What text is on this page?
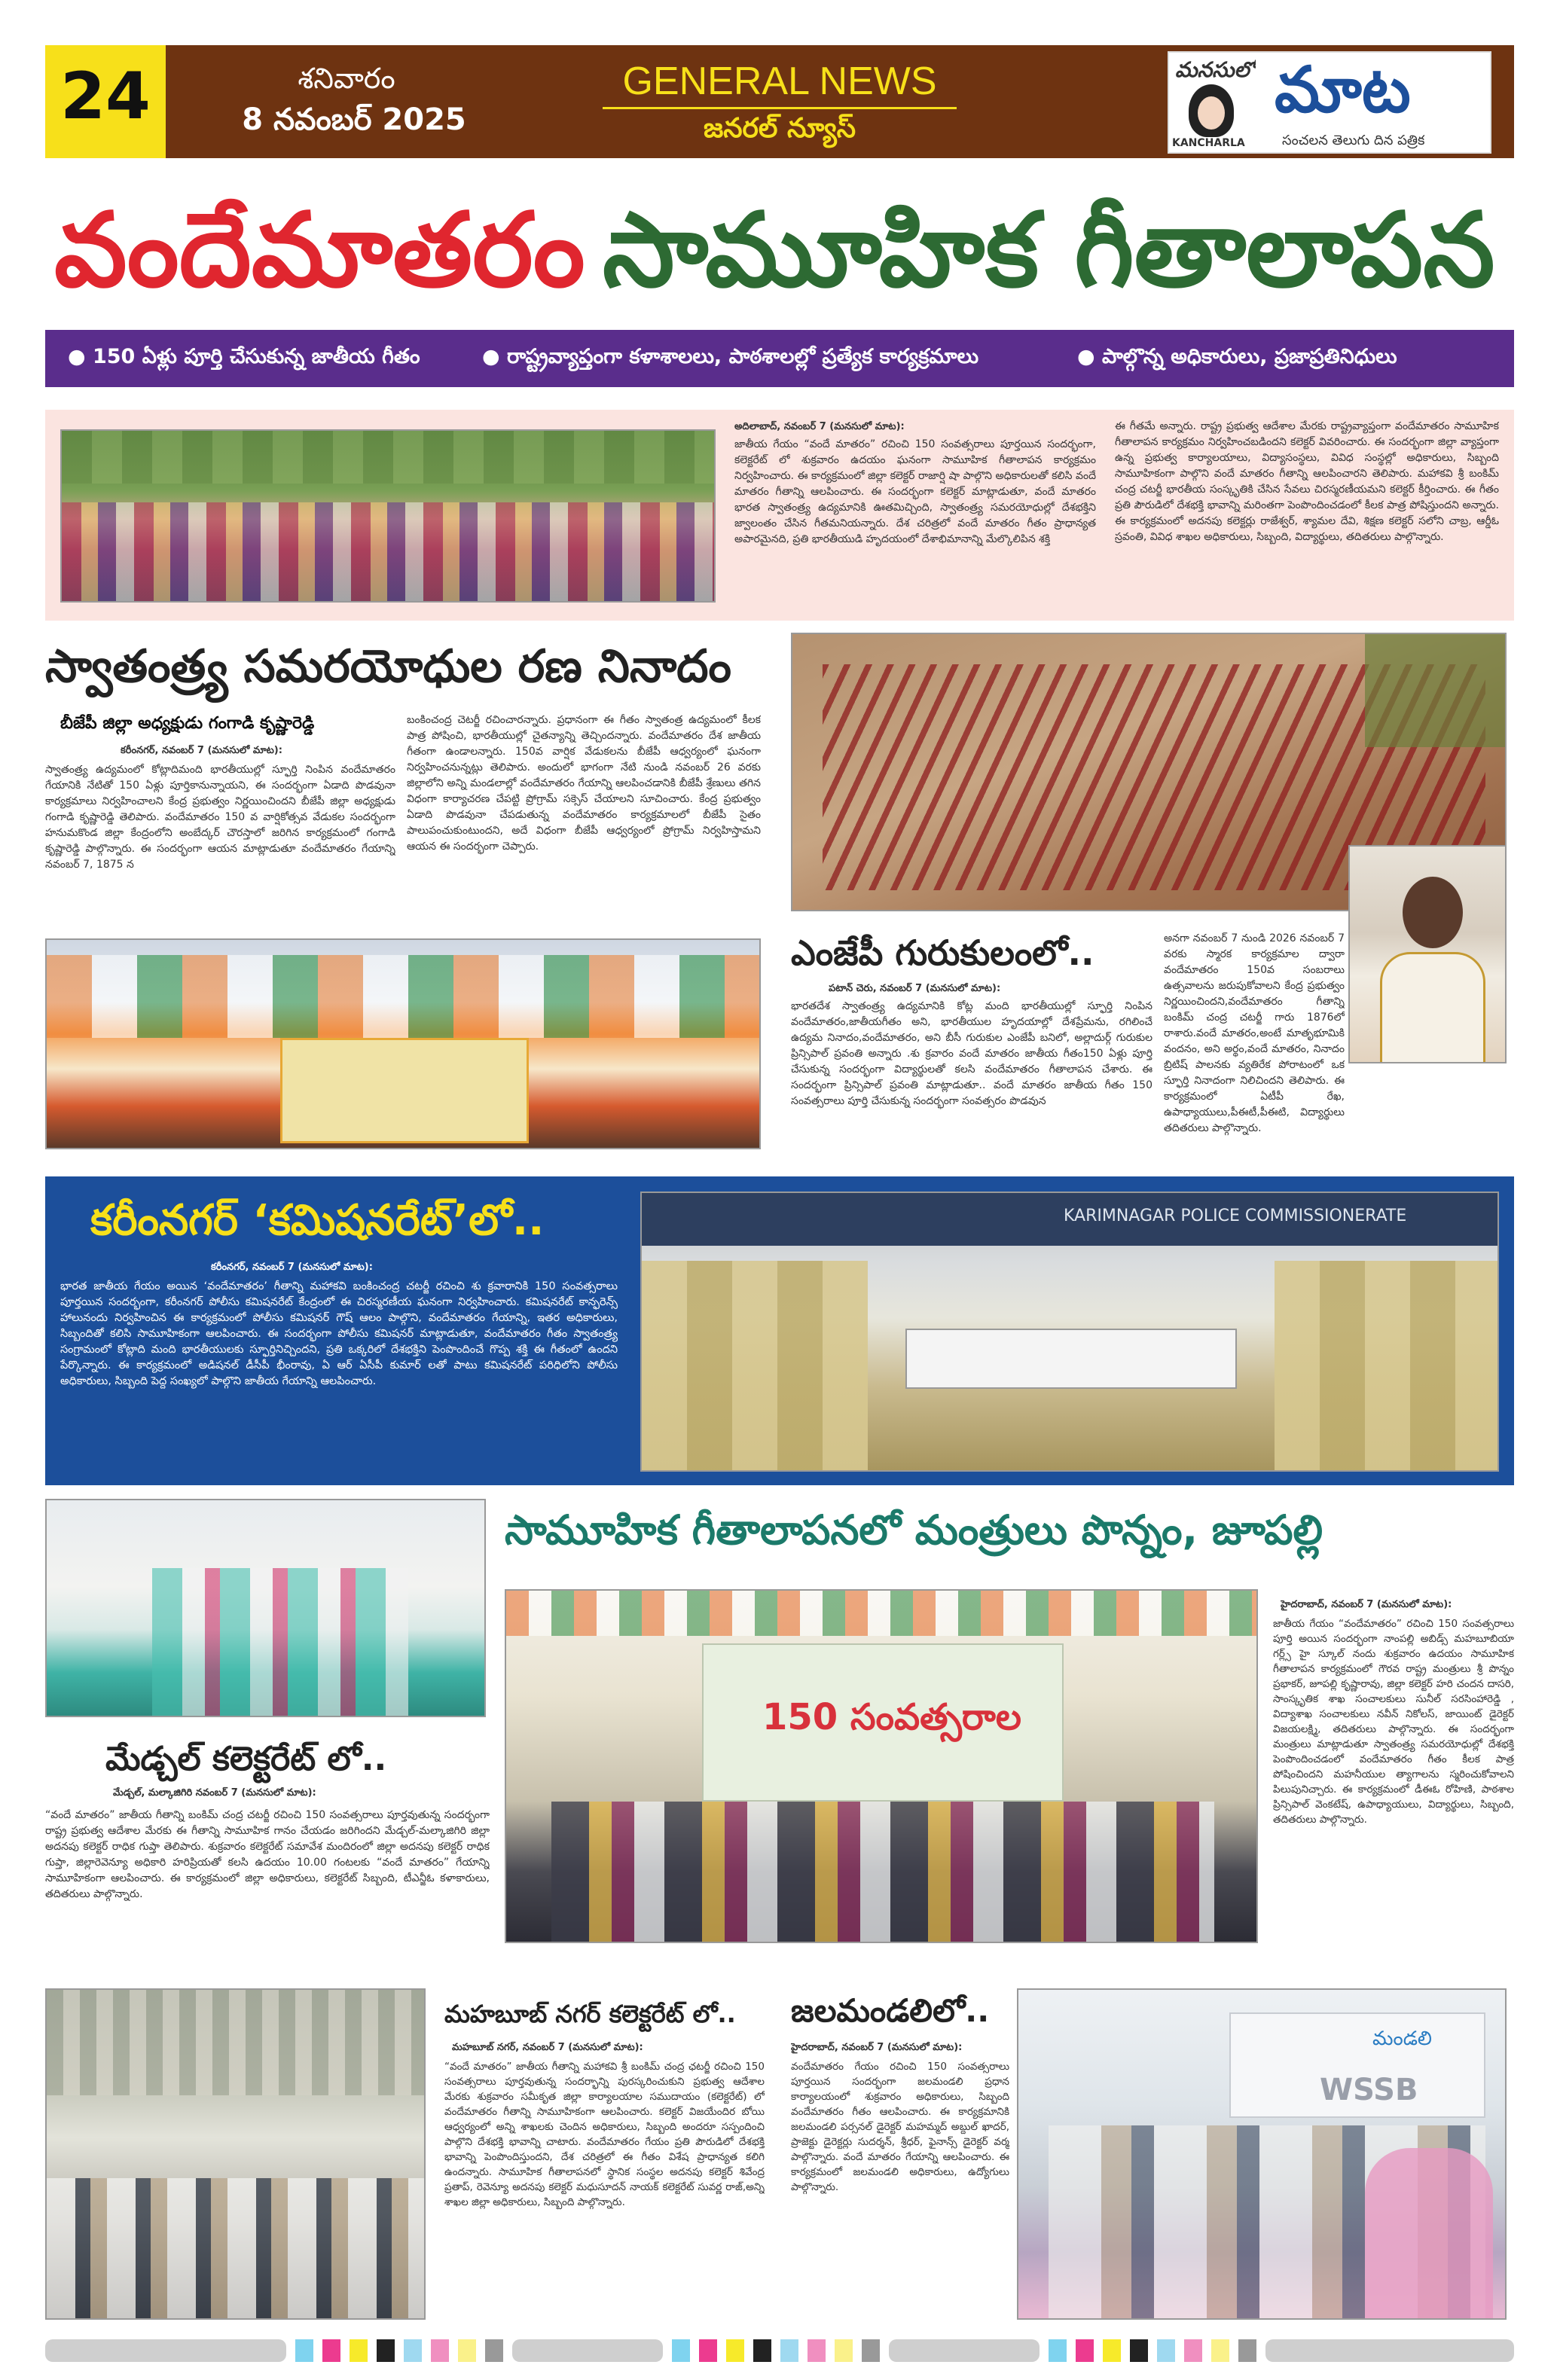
24	శనివారం
8 నవంబర్ 2025
GENERAL NEWS
జనరల్ న్యూస్
మనసులో
KANCHARLA
మాట
సంచలన తెలుగు దిన పత్రిక
వందేమాతరం సామూహిక గీతాలాపన
● 150 ఏళ్లు పూర్తి చేసుకున్న జాతీయ గీతం	● రాష్ట్రవ్యాప్తంగా కళాశాలలు, పాఠశాలల్లో ప్రత్యేక కార్యక్రమాలు	● పాల్గొన్న అధికారులు, ప్రజాప్రతినిధులు
అదిలాబాద్, నవంబర్ 7 (మనసులో మాట):
జాతీయ గేయం “వందే మాతరం” రచించి 150 సంవత్సరాలు పూర్తయిన సందర్భంగా, కలెక్టరేట్ లో శుక్రవారం ఉదయం ఘనంగా సామూహిక గీతాలాపన కార్యక్రమం నిర్వహించారు. ఈ కార్యక్రమంలో జిల్లా కలెక్టర్ రాజార్షి షా పాల్గొని అధికారులతో కలిసి వందే మాతరం గీతాన్ని ఆలపించారు. ఈ సందర్భంగా కలెక్టర్ మాట్లాడుతూ, వందే మాతరం భారత స్వాతంత్ర్య ఉద్యమానికి ఊతమిచ్చింది, స్వాతంత్ర్య సమరయోధుల్లో దేశభక్తిని జ్వాలంతం చేసిన గీతమనియన్నారు. దేశ చరిత్రలో వందే మాతరం గీతం ప్రాధాన్యత అపారమైనది, ప్రతి భారతీయుడి హృదయంలో దేశాభిమానాన్ని మేల్కొలిపిన శక్తి
ఈ గీతమే అన్నారు. రాష్ట్ర ప్రభుత్వ ఆదేశాల మేరకు రాష్ట్రవ్యాప్తంగా వందేమాతరం సామూహిక గీతాలాపన కార్యక్రమం నిర్వహించబడిందని కలెక్టర్ వివరించారు. ఈ సందర్భంగా జిల్లా వ్యాప్తంగా ఉన్న ప్రభుత్వ కార్యాలయాలు, విద్యాసంస్థలు, వివిధ సంస్థల్లో అధికారులు, సిబ్బంది సామూహికంగా పాల్గొని వందే మాతరం గీతాన్ని ఆలపించారని తెలిపారు. మహాకవి శ్రీ బంకిమ్ చంద్ర చటర్జీ భారతీయ సంస్కృతికి చేసిన సేవలు చిరస్మరణీయమని కలెక్టర్ కీర్తించారు. ఈ గీతం ప్రతి పౌరుడిలో దేశభక్తి భావాన్ని మరింతగా పెంపొందించడంలో కీలక పాత్ర పోషిస్తుందని అన్నారు. ఈ కార్యక్రమంలో అదనపు కలెక్టర్లు రాజేశ్వర్, శ్యామల దేవి, శిక్షణ కలెక్టర్ సలోని చాబ్ర, ఆర్డీఓ స్రవంతి, వివిధ శాఖల అధికారులు, సిబ్బంది, విద్యార్థులు, తదితరులు పాల్గొన్నారు.
స్వాతంత్ర్య సమరయోధుల రణ నినాదం
బీజేపీ జిల్లా అధ్యక్షుడు గంగాడి కృష్ణారెడ్డి
కరీంనగర్, నవంబర్ 7 (మనసులో మాట):
స్వాతంత్ర్య ఉద్యమంలో కోట్లాదిమంది భారతీయుల్లో స్ఫూర్తి నింపిన వందేమాతరం గేయానికి నేటితో 150 ఏళ్లు పూర్తికానున్నాయని, ఈ సందర్భంగా ఏడాది పొడవునా కార్యక్రమాలు నిర్వహించాలని కేంద్ర ప్రభుత్వం నిర్ణయించిందని బీజేపీ జిల్లా అధ్యక్షుడు గంగాడి కృష్ణారెడ్డి తెలిపారు. వందేమాతరం 150 వ వార్షికోత్సవ వేడుకల సందర్భంగా హనుమకొండ జిల్లా కేంద్రంలోని అంబేద్కర్ చౌరస్తాలో జరిగిన కార్యక్రమంలో గంగాడి కృష్ణారెడ్డి పాల్గొన్నారు. ఈ సందర్భంగా ఆయన మాట్లాడుతూ వందేమాతరం గేయాన్ని నవంబర్ 7, 1875 న
బంకించంద్ర చెటర్జీ రచించారన్నారు. ప్రధానంగా ఈ గీతం స్వాతంత్ర ఉద్యమంలో కీలక పాత్ర పోషించి, భారతీయుల్లో చైతన్యాన్ని తెచ్చిందన్నారు. వందేమాతరం దేశ జాతీయ గీతంగా ఉండాలన్నారు. 150వ వార్షిక వేడుకలను బీజేపీ ఆధ్వర్యంలో ఘనంగా నిర్వహించనున్నట్లు తెలిపారు. అందులో భాగంగా నేటి నుండి నవంబర్ 26 వరకు జిల్లాలోని అన్ని మండలాల్లో వందేమాతరం గేయాన్ని ఆలపించడానికి బీజేపీ శ్రేణులు తగిన విధంగా కార్యాచరణ చేపట్టి ప్రోగ్రామ్ సక్సెస్ చేయాలని సూచించారు. కేంద్ర ప్రభుత్వం ఏడాది పొడవునా చేపడుతున్న వందేమాతరం కార్యక్రమాలలో బీజేపీ సైతం పాలుపంచుకుంటుందని, అదే విధంగా బీజేపీ ఆధ్వర్యంలో ప్రోగ్రామ్ నిర్వహిస్తామని ఆయన ఈ సందర్భంగా చెప్పారు.
ఎంజేపీ గురుకులంలో..
పటాన్ చెరు, నవంబర్ 7 (మనసులో మాట):
భారతదేశ స్వాతంత్ర్య ఉద్యమానికి కోట్ల మంది భారతీయుల్లో స్ఫూర్తి నింపిన వందేమాతరం,జాతీయగీతం అని, భారతీయుల హృదయాల్లో దేశప్రేమను, రగిలించే ఉద్యమ నినాదం,వందేమాతరం, అని బీసీ గురుకుల ఎంజేపీ బనిలో, అల్లాదుర్గ్ గురుకుల ప్రిన్సిపాల్ ప్రవంతి అన్నారు .శు క్రవారం వందే మాతరం జాతీయ గీతం150 ఏళ్లు పూర్తి చేసుకున్న సందర్భంగా విద్యార్థులతో కలసి వందేమాతరం గీతాలాపన చేశారు. ఈ సందర్భంగా ప్రిన్సిపాల్ ప్రవంతి మాట్లాడుతూ.. వందే మాతరం జాతీయ గీతం 150 సంవత్సరాలు పూర్తి చేసుకున్న సందర్భంగా సంవత్సరం పొడవున
అనగా నవంబర్ 7 నుండి 2026 నవంబర్ 7 వరకు స్మారక కార్యక్రమాల ద్వారా వందేమాతరం 150వ సంబరాలు ఉత్సవాలను జరుపుకోవాలని కేంద్ర ప్రభుత్వం నిర్ణయించిందని,వందేమాతరం గీతాన్ని బంకిమ్ చంద్ర చటర్జీ గారు 1876లో రాశారు.వందే మాతరం,అంటే మాతృభూమికి వందనం, అని అర్థం,వందే మాతరం, నినాదం బ్రిటిష్ పాలనకు వ్యతిరేక పోరాటంలో ఒక స్ఫూర్తి నినాదంగా నిలిచిందని తెలిపారు. ఈ కార్యక్రమంలో ఏటీపీ రేఖ, ఉపాధ్యాయులు,పీఈటీ,పీఈటి, విద్యార్థులు తదితరులు పాల్గొన్నారు.
కరీంనగర్ ‘కమిషనరేట్’లో..
కరీంనగర్, నవంబర్ 7 (మనసులో మాట):
భారత జాతీయ గేయం అయిన ‘వందేమాతరం’ గీతాన్ని మహాకవి బంకించంద్ర చటర్జీ రచించి శు క్రవారానికి 150 సంవత్సరాలు పూర్తయిన సందర్భంగా, కరీంనగర్ పోలీసు కమిషనరేట్ కేంద్రంలో ఈ చిరస్మరణీయ ఘనంగా నిర్వహించారు. కమిషనరేట్ కాన్ఫరెన్స్ హాలునందు నిర్వహించిన ఈ కార్యక్రమంలో పోలీసు కమిషనర్ గౌష్ ఆలం పాల్గొని, వందేమాతరం గేయాన్ని, ఇతర అధికారులు, సిబ్బందితో కలిసి సామూహికంగా ఆలపించారు. ఈ సందర్భంగా పోలీసు కమిషనర్ మాట్లాడుతూ, వందేమాతరం గీతం స్వాతంత్ర్య సంగ్రామంలో కోట్లాది మంది భారతీయులకు స్ఫూర్తినిచ్చిందని, ప్రతి ఒక్కరిలో దేశభక్తిని పెంపొందించే గొప్ప శక్తి ఈ గీతంలో ఉందని పేర్కొన్నారు. ఈ కార్యక్రమంలో అడిషనల్ డీసీపీ భీంరావు, ఏ ఆర్ ఏసీపీ కుమార్ లతో పాటు కమిషనరేట్ పరిధిలోని పోలీసు అధికారులు, సిబ్బంది పెద్ద సంఖ్యలో పాల్గొని జాతీయ గేయాన్ని ఆలపించారు.
KARIMNAGAR POLICE COMMISSIONERATE
మేడ్చల్ కలెక్టరేట్ లో..
మేడ్చల్, మల్కాజిగిరి నవంబర్ 7 (మనసులో మాట):
“వందే మాతరం” జాతీయ గీతాన్ని బంకిమ్ చంద్ర చటర్జీ రచించి 150 సంవత్సరాలు పూర్తవుతున్న సందర్భంగా రాష్ట్ర ప్రభుత్వ ఆదేశాల మేరకు ఈ గీతాన్ని సామూహిక గానం చేయడం జరిగిందని మేడ్చల్-మల్కాజిగిరి జిల్లా అదనపు కలెక్టర్ రాధిక గుప్తా తెలిపారు. శుక్రవారం కలెక్టరేట్ సమావేశ మందిరంలో జిల్లా అదనపు కలెక్టర్ రాధిక గుప్తా, జిల్లారెవెన్యూ అధికారి హరిప్రియతో కలసి ఉదయం 10.00 గంటలకు “వందే మాతరం” గేయాన్ని సామూహికంగా ఆలపించారు. ఈ కార్యక్రమంలో జిల్లా అధికారులు, కలెక్టరేట్ సిబ్బంది, టీఎన్జీఓ కళాకారులు, తదితరులు పాల్గొన్నారు.
సామూహిక గీతాలాపనలో మంత్రులు పొన్నం, జూపల్లి
150 సంవత్సరాల
హైదరాబాద్, నవంబర్ 7 (మనసులో మాట):
జాతీయ గేయం “వందేమాతరం” రచించి 150 సంవత్సరాలు పూర్తి అయిన సందర్భంగా నాంపల్లి అబిడ్స్ మహబూబియా గర్ల్స్ హై స్కూల్ నందు శుక్రవారం ఉదయం సామూహిక గీతాలాపన కార్యక్రమంలో గౌరవ రాష్ట్ర మంత్రులు శ్రీ పొన్నం ప్రభాకర్, జూపల్లి కృష్ణారావు, జిల్లా కలెక్టర్ హరి చందన దాసరి, సాంస్కృతిక శాఖ సంచాలకులు సునీల్ సరసింహారెడ్డి , విద్యాశాఖ సంచాలకులు నవీన్ నికోలస్, జాయింట్ డైరెక్టర్ విజయలక్ష్మి, తదితరులు పాల్గొన్నారు. ఈ సందర్భంగా మంత్రులు మాట్లాడుతూ స్వాతంత్ర్య సమరయోధుల్లో దేశభక్తి పెంపొందించడంలో వందేమాతరం గీతం కీలక పాత్ర పోషించిందని మహనీయుల త్యాగాలను స్మరించుకోవాలని పిలుపునిచ్చారు. ఈ కార్యక్రమంలో డీఈఓ రోహిణి, పాఠశాల ప్రిన్సిపాల్ వెంకటేష్, ఉపాధ్యాయులు, విద్యార్థులు, సిబ్బంది, తదితరులు పాల్గొన్నారు.
మహబూబ్ నగర్ కలెక్టరేట్ లో..
మహబూబ్ నగర్, నవంబర్ 7 (మనసులో మాట):
“వందే మాతరం” జాతీయ గీతాన్ని మహాకవి శ్రీ బంకిమ్ చంద్ర ఛటర్జీ రచించి 150 సంవత్సరాలు పూర్తవుతున్న సందర్భాన్ని పురస్కరించుకుని ప్రభుత్వ ఆదేశాల మేరకు శుక్రవారం సమీకృత జిల్లా కార్యాలయాల సముదాయం (కలెక్టరేట్) లో వందేమాతరం గీతాన్ని సామూహికంగా ఆలపించారు. కలెక్టర్ విజయేందిర బోయి ఆధ్వర్యంలో అన్ని శాఖలకు చెందిన అధికారులు, సిబ్బంది అందరూ సస్పందించి పాల్గొని దేశభక్తి భావాన్ని చాటారు. వందేమాతరం గేయం ప్రతి పౌరుడిలో దేశభక్తి భావాన్ని పెంపొందిస్తుందని, దేశ చరిత్రలో ఈ గీతం విశేష ప్రాధాన్యత కలిగి ఉందన్నారు. సామూహిక గీతాలాపనలో స్థానిక సంస్థల అదనపు కలెక్టర్ శివేంద్ర ప్రతాప్, రెవెన్యూ అదనపు కలెక్టర్ మధుసూదన్ నాయక్ కలెక్టరేట్ సువర్ణ రాజ్,అన్ని శాఖల జిల్లా అధికారులు, సిబ్బంది పాల్గొన్నారు.
జలమండలిలో..
హైదరాబాద్, నవంబర్ 7 (మనసులో మాట):
వందేమాతరం గేయం రచించి 150 సంవత్సరాలు పూర్తయిన సందర్భంగా జలమండలి ప్రధాన కార్యాలయంలో శుక్రవారం అధికారులు, సిబ్బంది వందేమాతరం గీతం ఆలపించారు. ఈ కార్యక్రమానికి జలమండలి పర్సనల్ డైరెక్టర్ మహమ్మద్ అబ్దుల్ ఖాదర్, ప్రాజెక్టు డైరెక్టర్లు సుదర్శన్, శ్రీధర్, ఫైనాన్స్ డైరెక్టర్ వర్మ పాల్గొన్నారు. వందే మాతరం గేయాన్ని ఆలపించారు. ఈ కార్యక్రమంలో జలమండలి అధికారులు, ఉద్యోగులు పాల్గొన్నారు.
మండలి
WSSB
